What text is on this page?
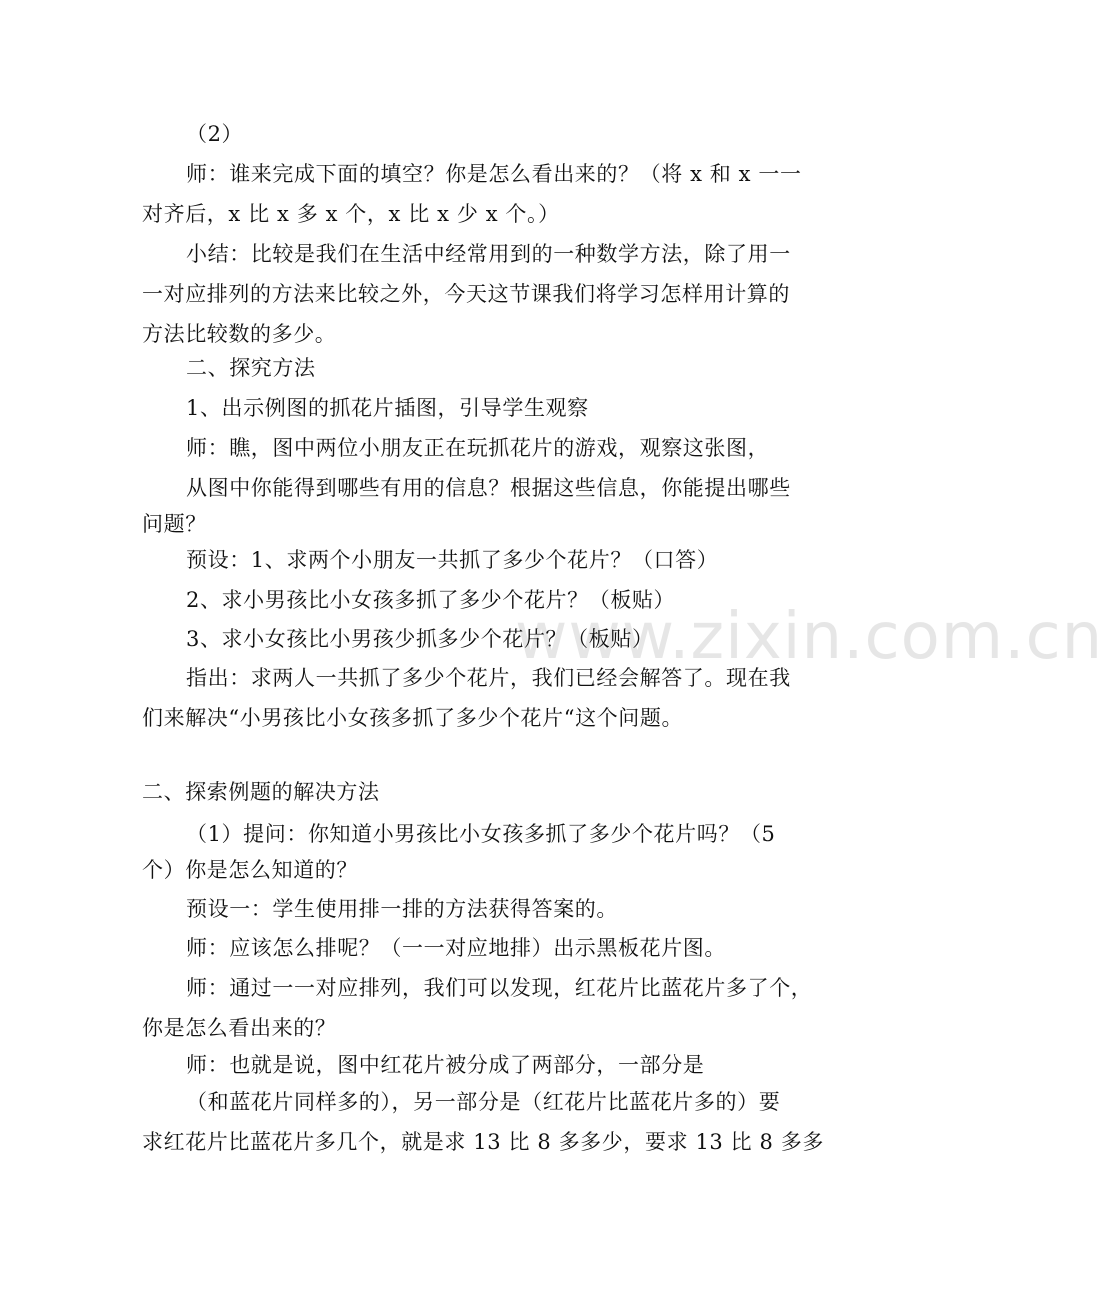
www.zixin.com.cn
（2）
师：谁来完成下面的填空？你是怎么看出来的？（将 x 和 x 一一
对齐后，x 比 x 多 x 个，x 比 x 少 x 个。）
小结：比较是我们在生活中经常用到的一种数学方法，除了用一
一对应排列的方法来比较之外，今天这节课我们将学习怎样用计算的
方法比较数的多少。
二、探究方法
1、出示例图的抓花片插图，引导学生观察
师：瞧，图中两位小朋友正在玩抓花片的游戏，观察这张图，
从图中你能得到哪些有用的信息？根据这些信息，你能提出哪些
问题？
预设：1、求两个小朋友一共抓了多少个花片？（口答）
2、求小男孩比小女孩多抓了多少个花片？（板贴）
3、求小女孩比小男孩少抓多少个花片？（板贴）
指出：求两人一共抓了多少个花片，我们已经会解答了。现在我
们来解决“小男孩比小女孩多抓了多少个花片“这个问题。
二、探索例题的解决方法
（1）提问：你知道小男孩比小女孩多抓了多少个花片吗？（5
个）你是怎么知道的？
预设一：学生使用排一排的方法获得答案的。
师：应该怎么排呢？（一一对应地排）出示黑板花片图。
师：通过一一对应排列，我们可以发现，红花片比蓝花片多了个，
你是怎么看出来的？
师：也就是说，图中红花片被分成了两部分，一部分是
（和蓝花片同样多的），另一部分是（红花片比蓝花片多的）要
求红花片比蓝花片多几个，就是求 13 比 8 多多少，要求 13 比 8 多多
